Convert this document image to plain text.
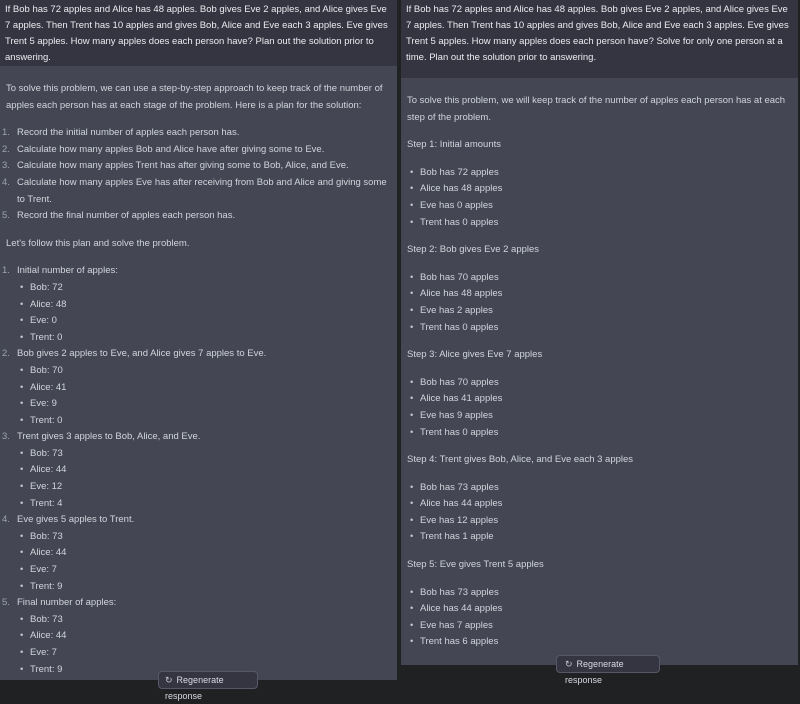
If Bob has 72 apples and Alice has 48 apples. Bob gives Eve 2 apples, and Alice gives Eve 7 apples. Then Trent has 10 apples and gives Bob, Alice and Eve each 3 apples. Eve gives Trent 5 apples. How many apples does each person have? Plan out the solution prior to answering.

To solve this problem, we can use a step-by-step approach to keep track of the number of apples each person has at each stage of the problem. Here is a plan for the solution:

1. Record the initial number of apples each person has.
2. Calculate how many apples Bob and Alice have after giving some to Eve.
3. Calculate how many apples Trent has after giving some to Bob, Alice, and Eve.
4. Calculate how many apples Eve has after receiving from Bob and Alice and giving some to Trent.
5. Record the final number of apples each person has.

Let's follow this plan and solve the problem.

1. Initial number of apples:
• Bob: 72
• Alice: 48
• Eve: 0
• Trent: 0
2. Bob gives 2 apples to Eve, and Alice gives 7 apples to Eve.
• Bob: 70
• Alice: 41
• Eve: 9
• Trent: 0
3. Trent gives 3 apples to Bob, Alice, and Eve.
• Bob: 73
• Alice: 44
• Eve: 12
• Trent: 4
4. Eve gives 5 apples to Trent.
• Bob: 73
• Alice: 44
• Eve: 7
• Trent: 9
5. Final number of apples:
• Bob: 73
• Alice: 44
• Eve: 7
• Trent: 9
↻ Regenerate response
If Bob has 72 apples and Alice has 48 apples. Bob gives Eve 2 apples, and Alice gives Eve 7 apples. Then Trent has 10 apples and gives Bob, Alice and Eve each 3 apples. Eve gives Trent 5 apples. How many apples does each person have? Solve for only one person at a time. Plan out the solution prior to answering.

To solve this problem, we will keep track of the number of apples each person has at each step of the problem.

Step 1: Initial amounts

• Bob has 72 apples
• Alice has 48 apples
• Eve has 0 apples
• Trent has 0 apples

Step 2: Bob gives Eve 2 apples

• Bob has 70 apples
• Alice has 48 apples
• Eve has 2 apples
• Trent has 0 apples

Step 3: Alice gives Eve 7 apples

• Bob has 70 apples
• Alice has 41 apples
• Eve has 9 apples
• Trent has 0 apples

Step 4: Trent gives Bob, Alice, and Eve each 3 apples

• Bob has 73 apples
• Alice has 44 apples
• Eve has 12 apples
• Trent has 1 apple

Step 5: Eve gives Trent 5 apples

• Bob has 73 apples
• Alice has 44 apples
• Eve has 7 apples
• Trent has 6 apples
↻ Regenerate response
